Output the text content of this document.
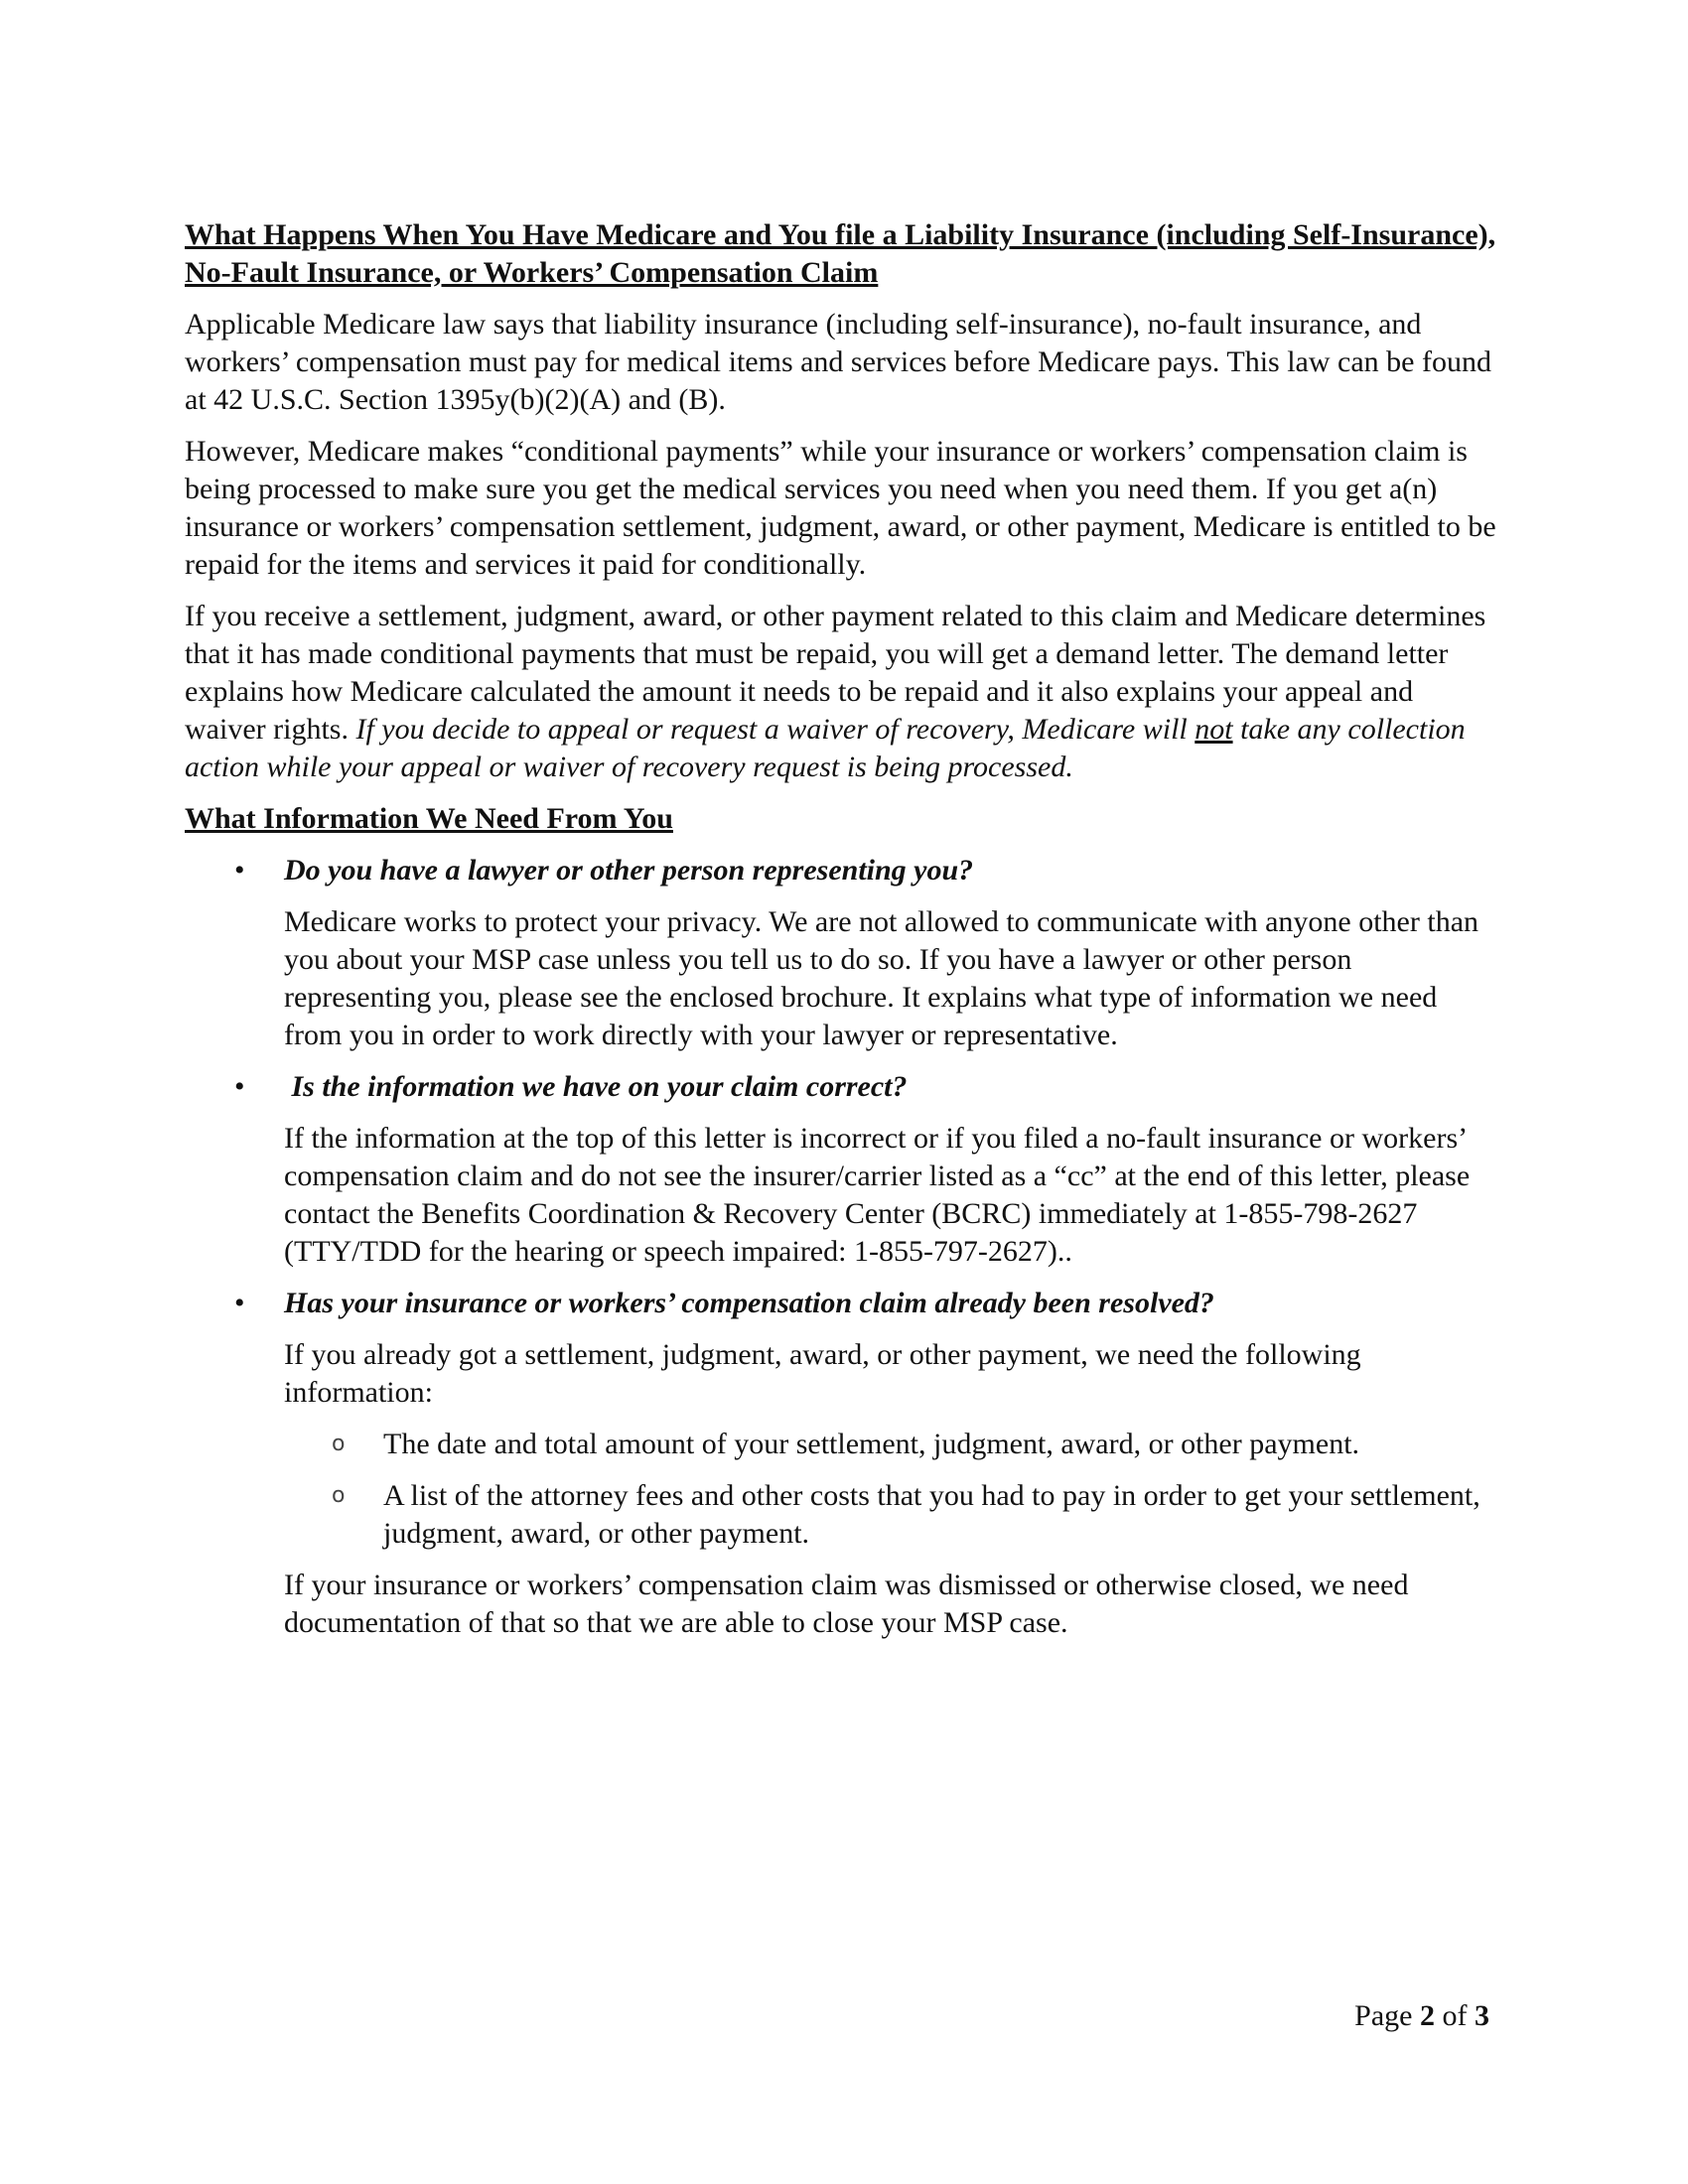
What Happens When You Have Medicare and You file a Liability Insurance (including Self-Insurance), No-Fault Insurance, or Workers’ Compensation Claim

Applicable Medicare law says that liability insurance (including self-insurance), no-fault insurance, and workers’ compensation must pay for medical items and services before Medicare pays. This law can be found at 42 U.S.C. Section 1395y(b)(2)(A) and (B).

However, Medicare makes “conditional payments” while your insurance or workers’ compensation claim is being processed to make sure you get the medical services you need when you need them. If you get a(n) insurance or workers’ compensation settlement, judgment, award, or other payment, Medicare is entitled to be repaid for the items and services it paid for conditionally.

If you receive a settlement, judgment, award, or other payment related to this claim and Medicare determines that it has made conditional payments that must be repaid, you will get a demand letter. The demand letter explains how Medicare calculated the amount it needs to be repaid and it also explains your appeal and waiver rights. If you decide to appeal or request a waiver of recovery, Medicare will not take any collection action while your appeal or waiver of recovery request is being processed.

What Information We Need From You
•	Do you have a lawyer or other person representing you?

Medicare works to protect your privacy. We are not allowed to communicate with anyone other than you about your MSP case unless you tell us to do so. If you have a lawyer or other person representing you, please see the enclosed brochure. It explains what type of information we need from you in order to work directly with your lawyer or representative.

•	Is the information we have on your claim correct?

If the information at the top of this letter is incorrect or if you filed a no-fault insurance or workers’ compensation claim and do not see the insurer/carrier listed as a “cc” at the end of this letter, please contact the Benefits Coordination & Recovery Center (BCRC) immediately at 1-855-798-2627 (TTY/TDD for the hearing or speech impaired: 1-855-797-2627)..

•	Has your insurance or workers’ compensation claim already been resolved?

If you already got a settlement, judgment, award, or other payment, we need the following information:

o The date and total amount of your settlement, judgment, award, or other payment.
o A list of the attorney fees and other costs that you had to pay in order to get your settlement, judgment, award, or other payment.

If your insurance or workers’ compensation claim was dismissed or otherwise closed, we need documentation of that so that we are able to close your MSP case.

Page 2 of 3
